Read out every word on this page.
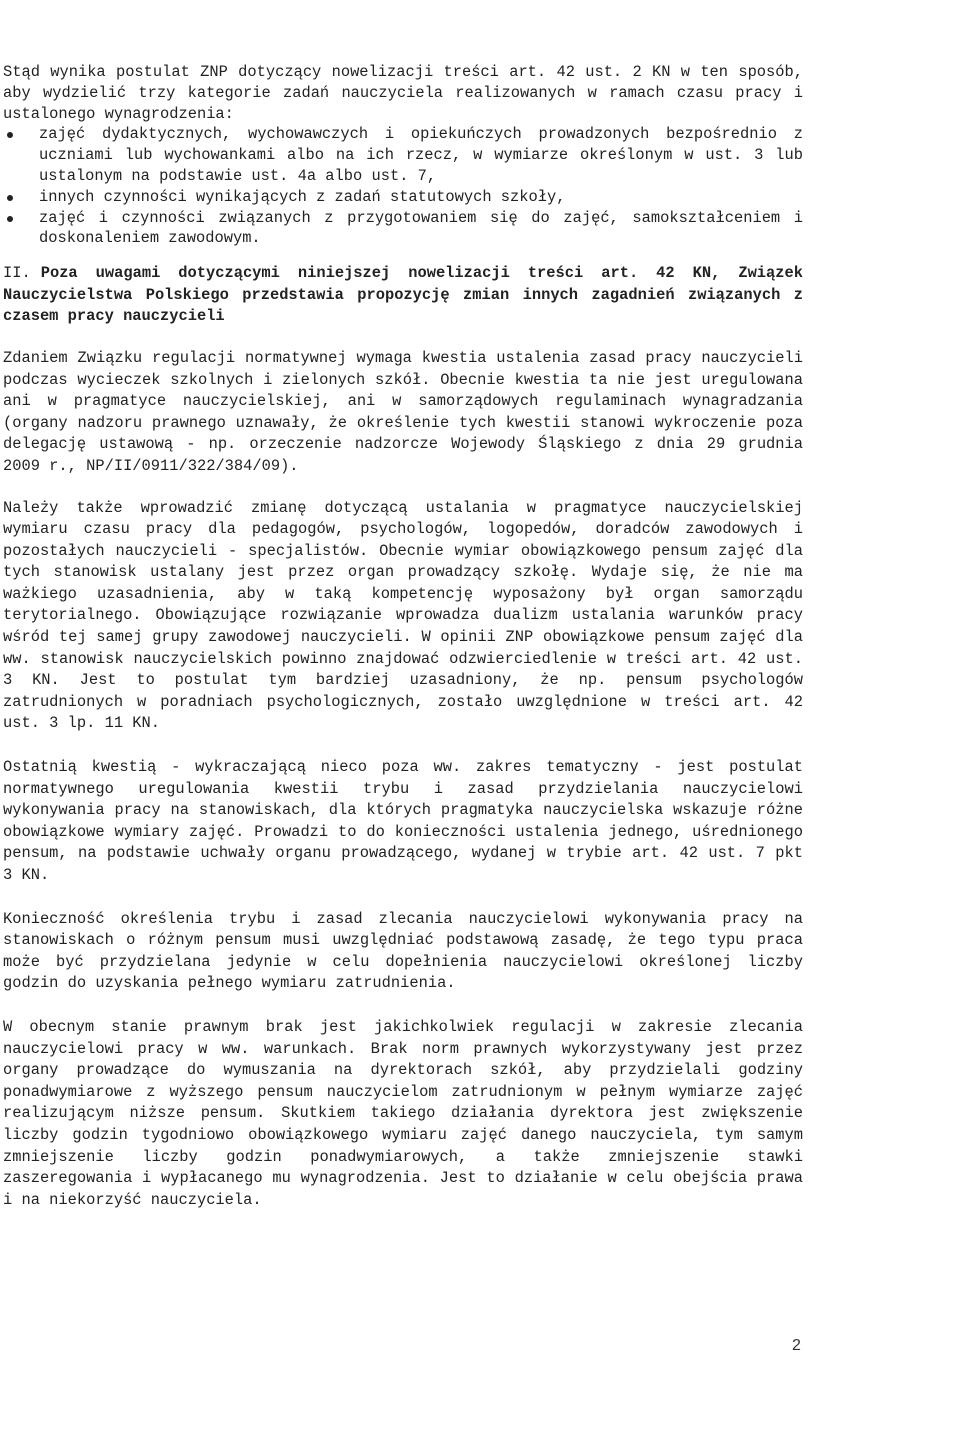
Stąd wynika postulat ZNP dotyczący nowelizacji treści art. 42 ust. 2 KN w ten sposób, aby wydzielić trzy kategorie zadań nauczyciela realizowanych w ramach czasu pracy i ustalonego wynagrodzenia:

zajęć dydaktycznych, wychowawczych i opiekuńczych prowadzonych bezpośrednio z uczniami lub wychowankami albo na ich rzecz, w wymiarze określonym w ust. 3 lub ustalonym na podstawie ust. 4a albo ust. 7,
innych czynności wynikających z zadań statutowych szkoły,
zajęć i czynności związanych z przygotowaniem się do zajęć, samokształceniem i doskonaleniem zawodowym.

II. Poza uwagami dotyczącymi niniejszej nowelizacji treści art. 42 KN, Związek Nauczycielstwa Polskiego przedstawia propozycję zmian innych zagadnień związanych z czasem pracy nauczycieli

Zdaniem Związku regulacji normatywnej wymaga kwestia ustalenia zasad pracy nauczycieli podczas wycieczek szkolnych i zielonych szkół. Obecnie kwestia ta nie jest uregulowana ani w pragmatyce nauczycielskiej, ani w samorządowych regulaminach wynagradzania (organy nadzoru prawnego uznawały, że określenie tych kwestii stanowi wykroczenie poza delegację ustawową - np. orzeczenie nadzorcze Wojewody Śląskiego z dnia 29 grudnia 2009 r., NP/II/0911/322/384/09).

Należy także wprowadzić zmianę dotyczącą ustalania w pragmatyce nauczycielskiej wymiaru czasu pracy dla pedagogów, psychologów, logopedów, doradców zawodowych i pozostałych nauczycieli - specjalistów. Obecnie wymiar obowiązkowego pensum zajęć dla tych stanowisk ustalany jest przez organ prowadzący szkołę. Wydaje się, że nie ma ważkiego uzasadnienia, aby w taką kompetencję wyposażony był organ samorządu terytorialnego. Obowiązujące rozwiązanie wprowadza dualizm ustalania warunków pracy wśród tej samej grupy zawodowej nauczycieli. W opinii ZNP obowiązkowe pensum zajęć dla ww. stanowisk nauczycielskich powinno znajdować odzwierciedlenie w treści art. 42 ust. 3 KN. Jest to postulat tym bardziej uzasadniony, że np. pensum psychologów zatrudnionych w poradniach psychologicznych, zostało uwzględnione w treści art. 42 ust. 3 lp. 11 KN.

Ostatnią kwestią - wykraczającą nieco poza ww. zakres tematyczny - jest postulat normatywnego uregulowania kwestii trybu i zasad przydzielania nauczycielowi wykonywania pracy na stanowiskach, dla których pragmatyka nauczycielska wskazuje różne obowiązkowe wymiary zajęć. Prowadzi to do konieczności ustalenia jednego, uśrednionego pensum, na podstawie uchwały organu prowadzącego, wydanej w trybie art. 42 ust. 7 pkt 3 KN.

Konieczność określenia trybu i zasad zlecania nauczycielowi wykonywania pracy na stanowiskach o różnym pensum musi uwzględniać podstawową zasadę, że tego typu praca może być przydzielana jedynie w celu dopełnienia nauczycielowi określonej liczby godzin do uzyskania pełnego wymiaru zatrudnienia.

W obecnym stanie prawnym brak jest jakichkolwiek regulacji w zakresie zlecania nauczycielowi pracy w ww. warunkach. Brak norm prawnych wykorzystywany jest przez organy prowadzące do wymuszania na dyrektorach szkół, aby przydzielali godziny ponadwymiarowe z wyższego pensum nauczycielom zatrudnionym w pełnym wymiarze zajęć realizującym niższe pensum. Skutkiem takiego działania dyrektora jest zwiększenie liczby godzin tygodniowo obowiązkowego wymiaru zajęć danego nauczyciela, tym samym zmniejszenie liczby godzin ponadwymiarowych, a także zmniejszenie stawki zaszeregowania i wypłacanego mu wynagrodzenia. Jest to działanie w celu obejścia prawa i na niekorzyść nauczyciela.

2
